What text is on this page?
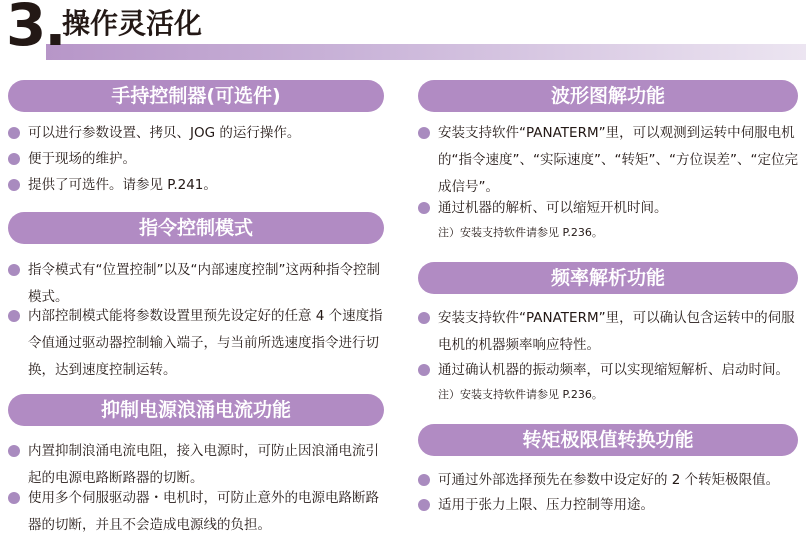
3.
操作灵活化
手持控制器(可选件)
可以进行参数设置、拷贝、JOG 的运行操作。
便于现场的维护。
提供了可选件。请参见 P.241。
指令控制模式
指令模式有“位置控制”以及“内部速度控制”这两种指令控制模式。
内部控制模式能将参数设置里预先设定好的任意 4 个速度指令值通过驱动器控制输入端子，与当前所选速度指令进行切换，达到速度控制运转。
抑制电源浪涌电流功能
内置抑制浪涌电流电阻，接入电源时，可防止因浪涌电流引起的电源电路断路器的切断。
使用多个伺服驱动器・电机时，可防止意外的电源电路断路器的切断，并且不会造成电源线的负担。
波形图解功能
安装支持软件“PANATERM”里，可以观测到运转中伺服电机的“指令速度”、“实际速度”、“转矩”、“方位误差”、“定位完成信号”。
通过机器的解析、可以缩短开机时间。
注）安装支持软件请参见 P.236。
频率解析功能
安装支持软件“PANATERM”里，可以确认包含运转中的伺服电机的机器频率响应特性。
通过确认机器的振动频率，可以实现缩短解析、启动时间。
注）安装支持软件请参见 P.236。
转矩极限值转换功能
可通过外部选择预先在参数中设定好的 2 个转矩极限值。
适用于张力上限、压力控制等用途。
